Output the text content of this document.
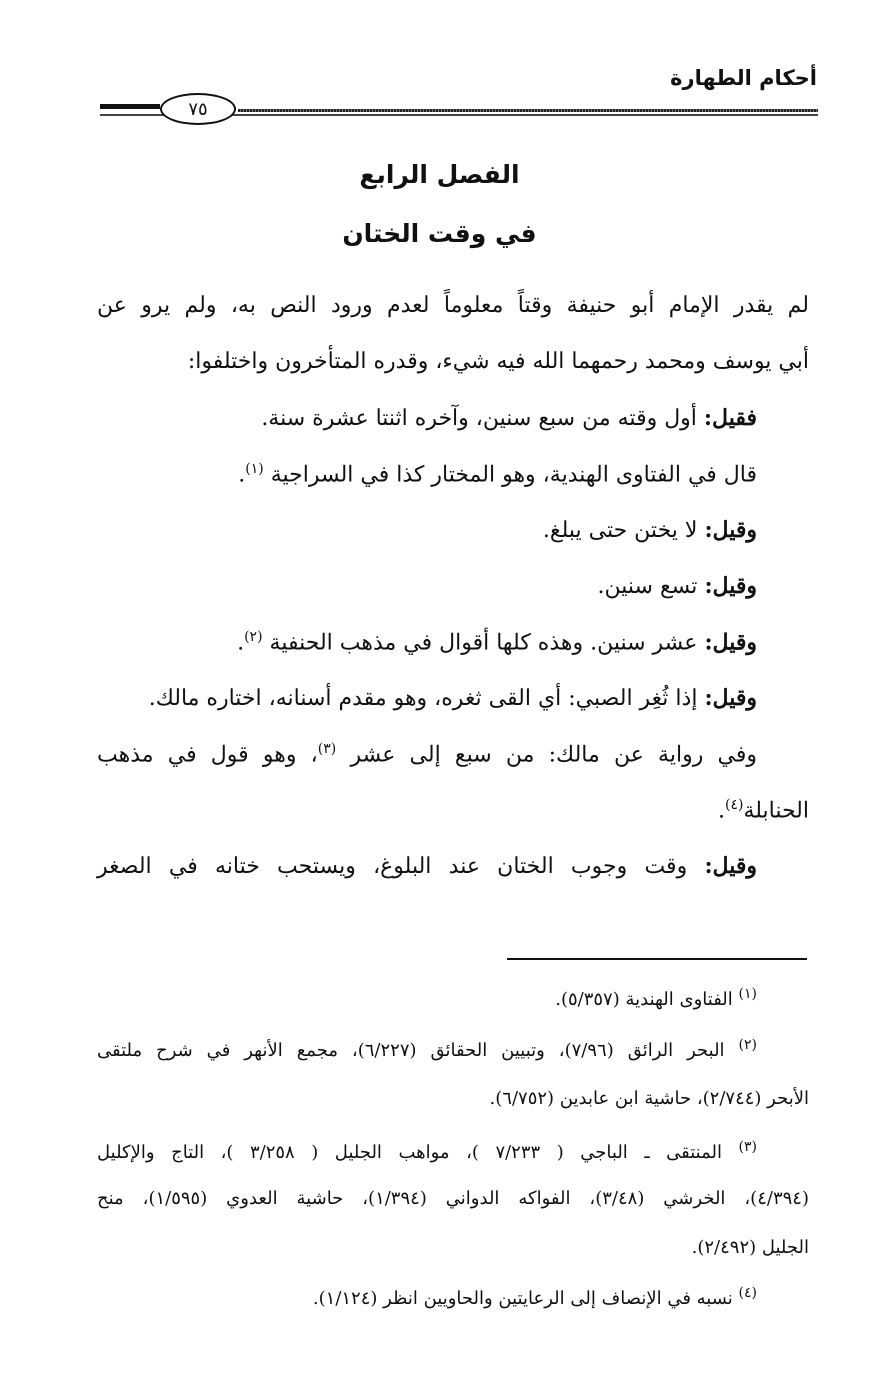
أحكام الطهارة
٧٥
الفصل الرابع
في وقت الختان
لم يقدر الإمام أبو حنيفة وقتاً معلوماً لعدم ورود النص به، ولم يرو عن
أبي يوسف ومحمد رحمهما الله فيه شيء، وقدره المتأخرون واختلفوا:
فقيل: أول وقته من سبع سنين، وآخره اثنتا عشرة سنة.
قال في الفتاوى الهندية، وهو المختار كذا في السراجية $^{(١)}$.
وقيل: لا يختن حتى يبلغ.
وقيل: تسع سنين.
وقيل: عشر سنين. وهذه كلها أقوال في مذهب الحنفية $^{(٢)}$.
وقيل: إذا ثُغِر الصبي: أي القى ثغره، وهو مقدم أسنانه، اختاره مالك.
وفي رواية عن مالك: من سبع إلى عشر $^{(٣)}$، وهو قول في مذهب
الحنابلة$^{(٤)}$.
وقيل: وقت وجوب الختان عند البلوغ، ويستحب ختانه في الصغر
$^{(١)}$ الفتاوى الهندية (٥/٣٥٧).
$^{(٢)}$ البحر الرائق (٧/٩٦)، وتبيين الحقائق (٦/٢٢٧)، مجمع الأنهر في شرح ملتقى
الأبحر (٢/٧٤٤)، حاشية ابن عابدين (٦/٧٥٢).
$^{(٣)}$ المنتقى ـ الباجي ( ٧/٢٣٣ )، مواهب الجليل ( ٣/٢٥٨ )، التاج والإكليل
(٤/٣٩٤)، الخرشي (٣/٤٨)، الفواكه الدواني (١/٣٩٤)، حاشية العدوي (١/٥٩٥)، منح
الجليل (٢/٤٩٢).
$^{(٤)}$ نسبه في الإنصاف إلى الرعايتين والحاويين انظر (١/١٢٤).
